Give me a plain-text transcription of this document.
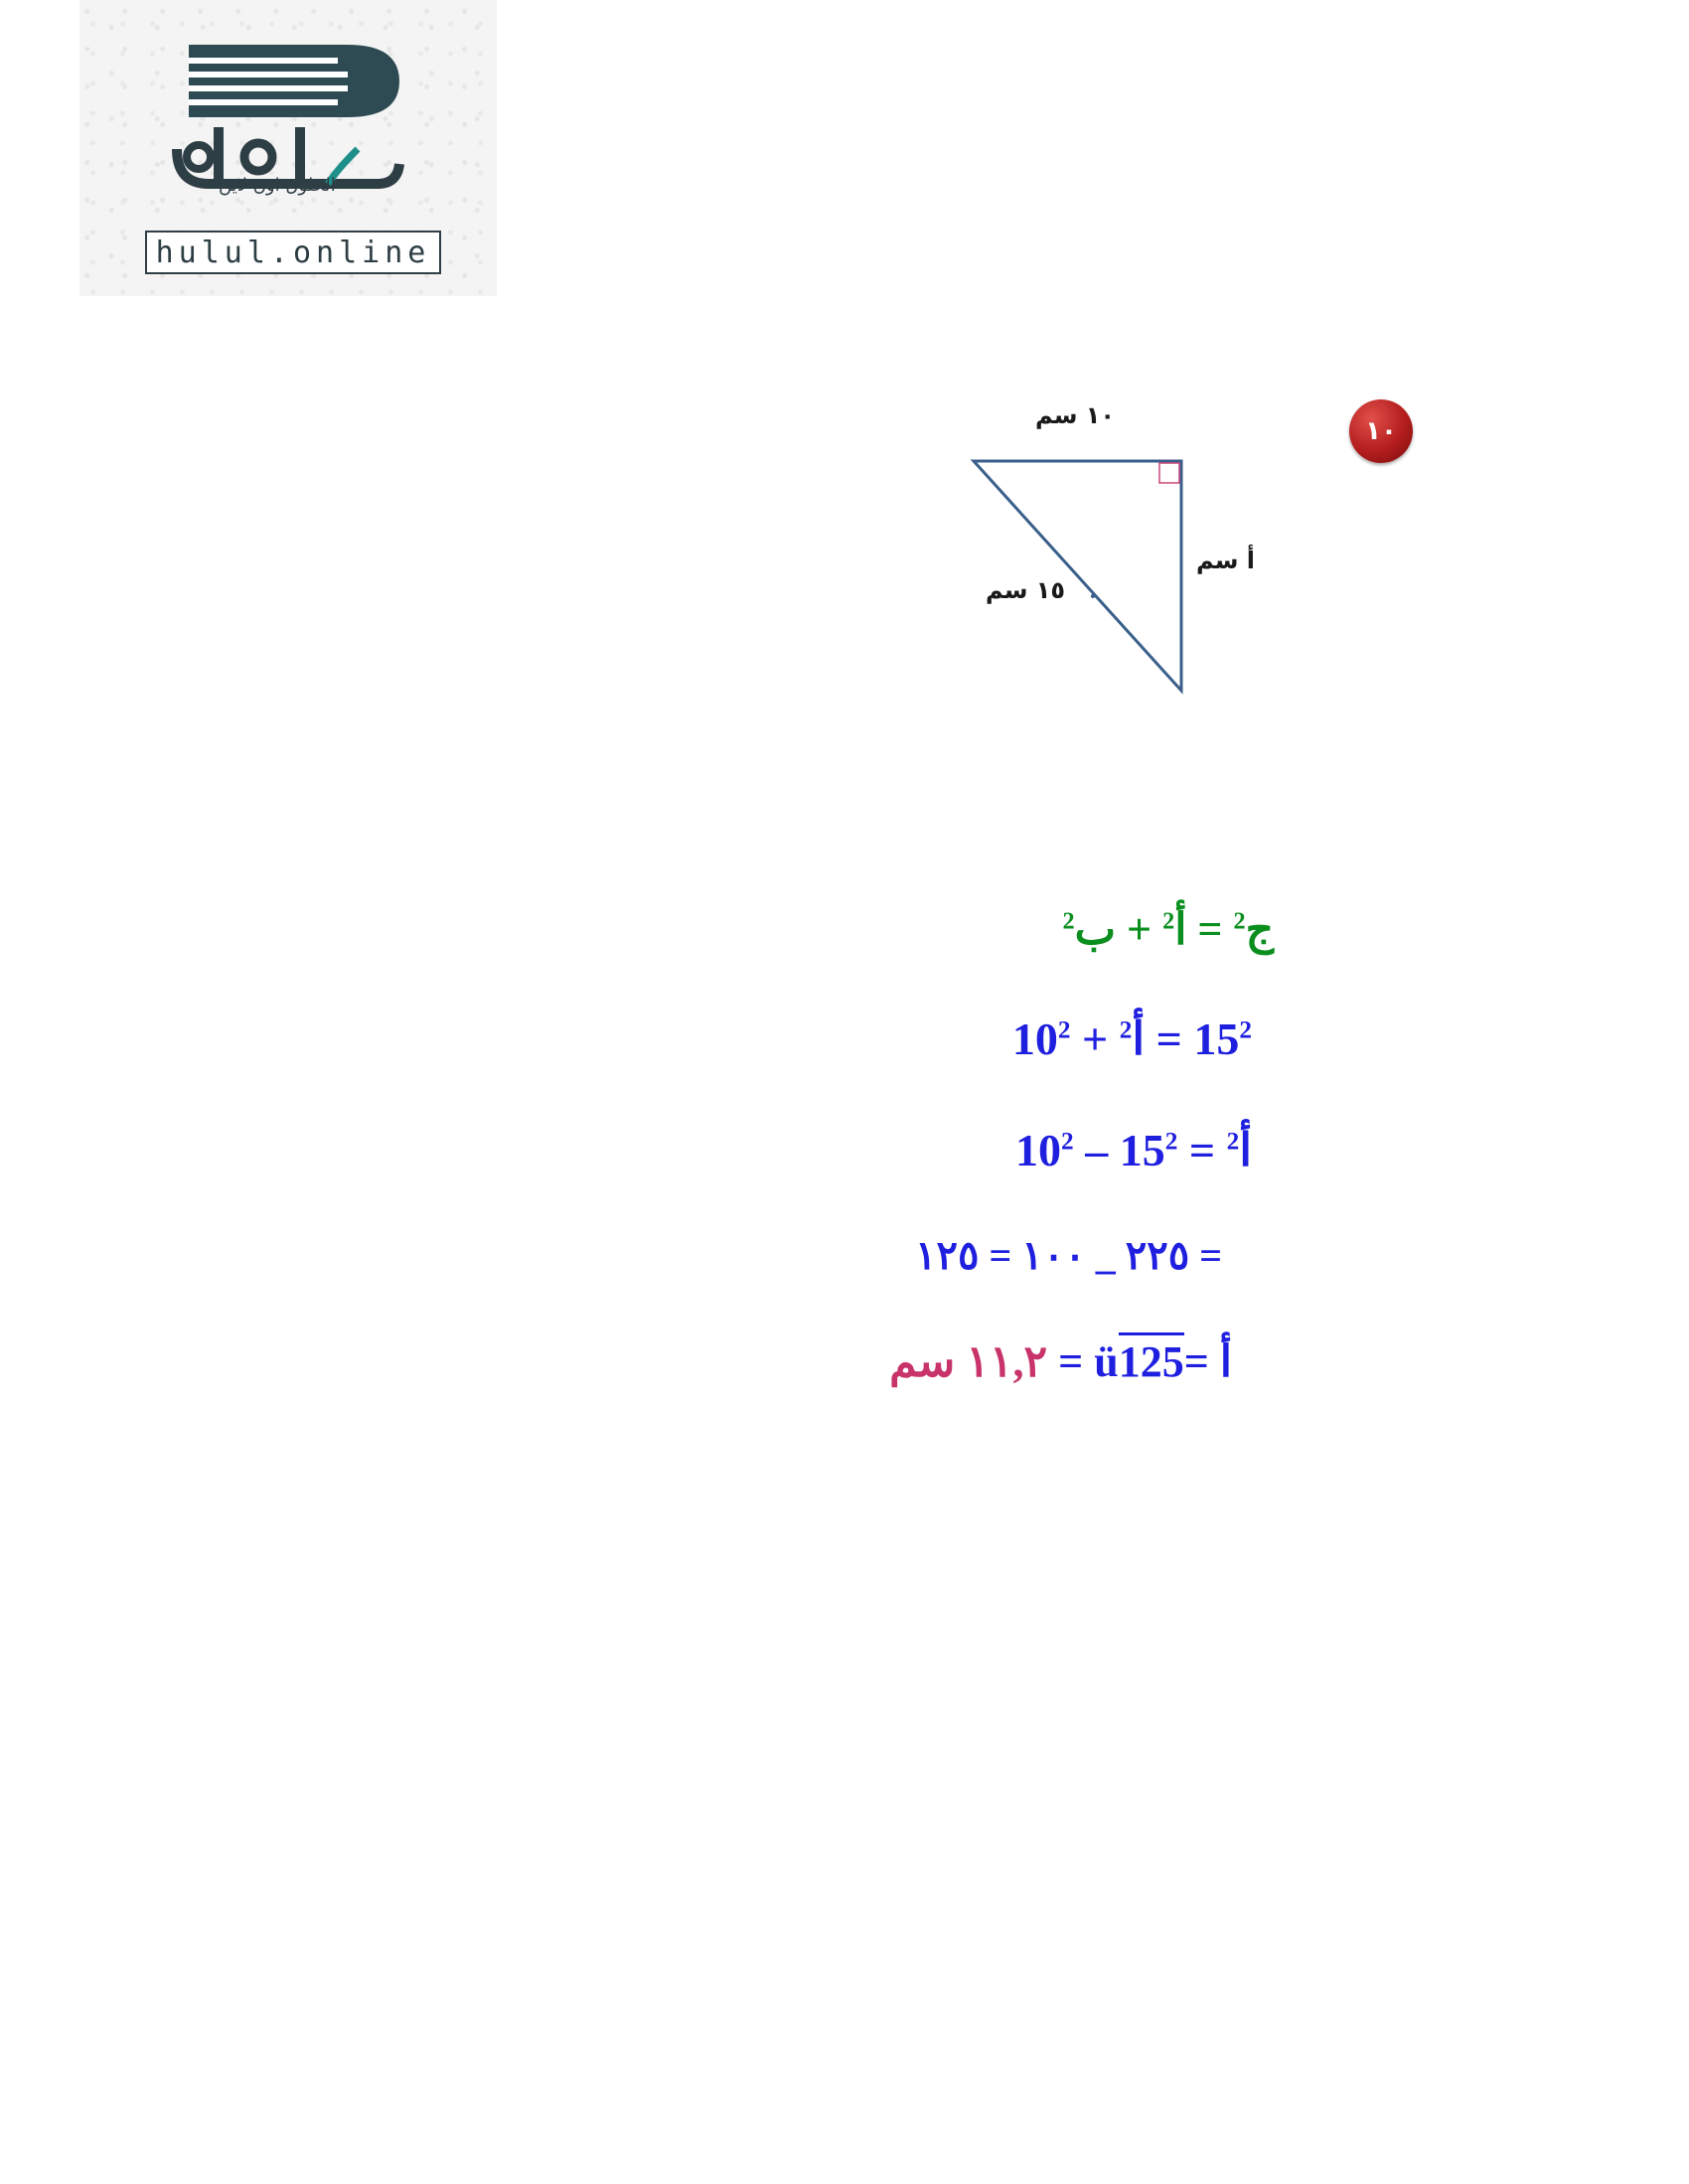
الحلول اون لاين
hulul.online
١٠
١٠ سم
أ سم
١٥ سم
ج$^2$ = أ$^2$ + ب$^2$
$15^2$ = أ$^2$ + $10^2$
أ$^2$ = $15^2 - 10^2$
= ٢٢٥ _ ١٠٠ = ١٢٥
أ =ü125 = ١١,٢ سم
